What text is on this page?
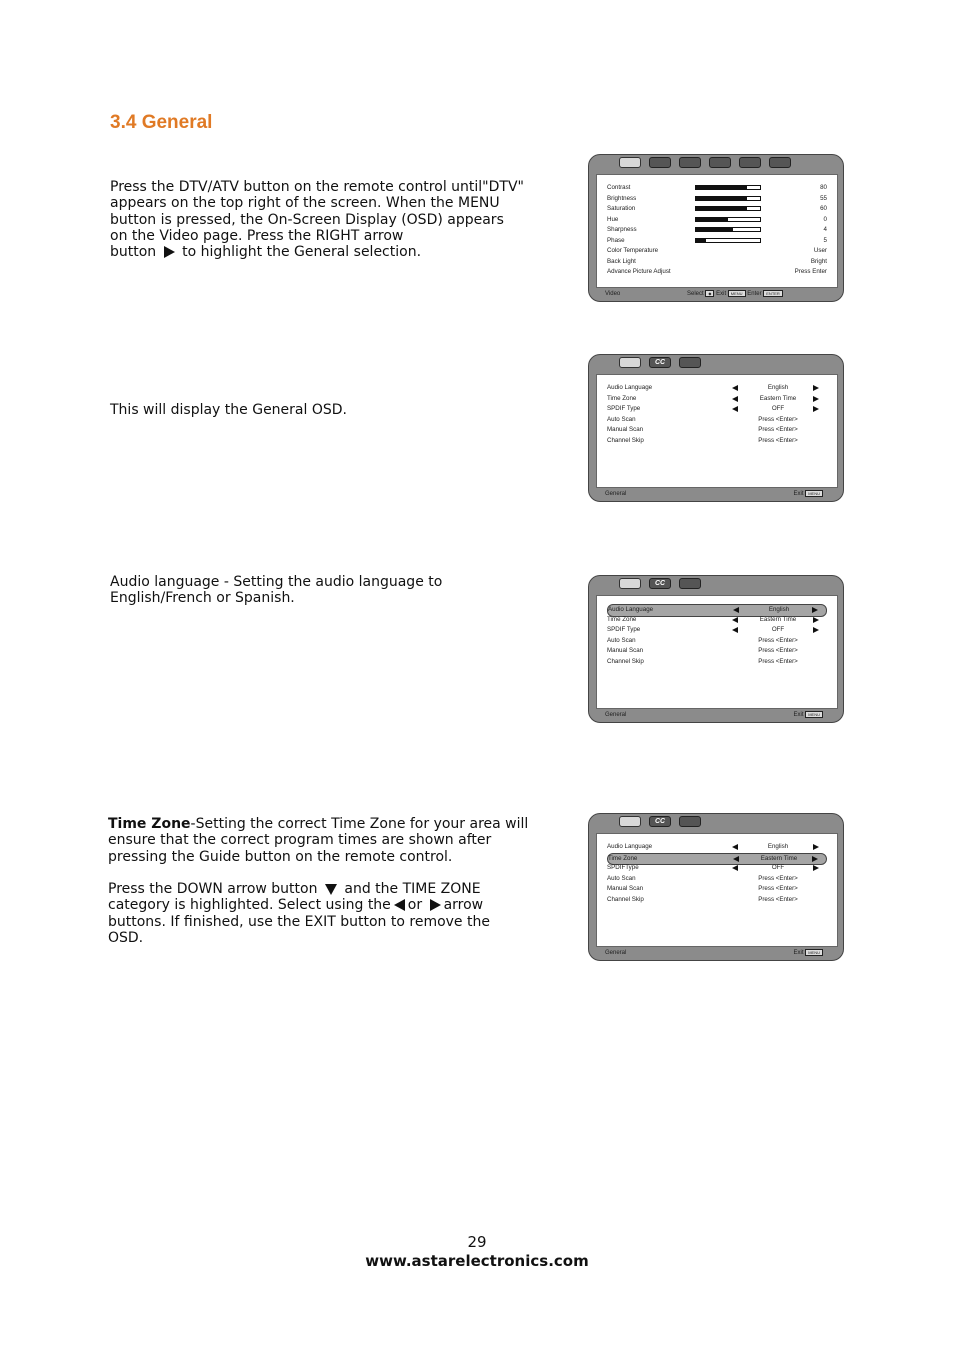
3.4 General

Press the DTV/ATV button on the remote control until"DTV"

appears on the top right of the screen. When the MENU

button is pressed, the On-Screen Display (OSD) appears

on the Video page. Press the RIGHT arrow

button to highlight the General selection.

This will display the General OSD.

Audio language - Setting the audio language to

English/French or Spanish.

Time Zone-Setting the correct Time Zone for your area will

ensure that the correct program times are shown after

pressing the Guide button on the remote control.

Press the DOWN arrow button and the TIME ZONE

category is highlighted. Select using the or arrow

buttons. If finished, use the EXIT button to remove the

OSD.

Contrast	80
Brightness	55
Saturation	60
Hue	0
Sharpness	4
Phase	5
Color Temperature	User
Back Light	Bright
Advance Picture Adjust	Press Enter
Video	Select ◆ Exit MENU Enter ENTER
CC
Audio Language	English
Time Zone	Eastern Time
SPDIF Type	OFF
Auto Scan	Press <Enter>
Manual Scan	Press <Enter>
Channel Skip	Press <Enter>
General	Exit MENU
CC
Audio Language	English
Time Zone	Eastern Time
SPDIF Type	OFF
Auto Scan	Press <Enter>
Manual Scan	Press <Enter>
Channel Skip	Press <Enter>
General	Exit MENU
CC
Audio Language	English
Time Zone	Eastern Time
SPDIFType	OFF
Auto Scan	Press <Enter>
Manual Scan	Press <Enter>
Channel Skip	Press <Enter>
General	Exit MENU
29
www.astarelectronics.com
